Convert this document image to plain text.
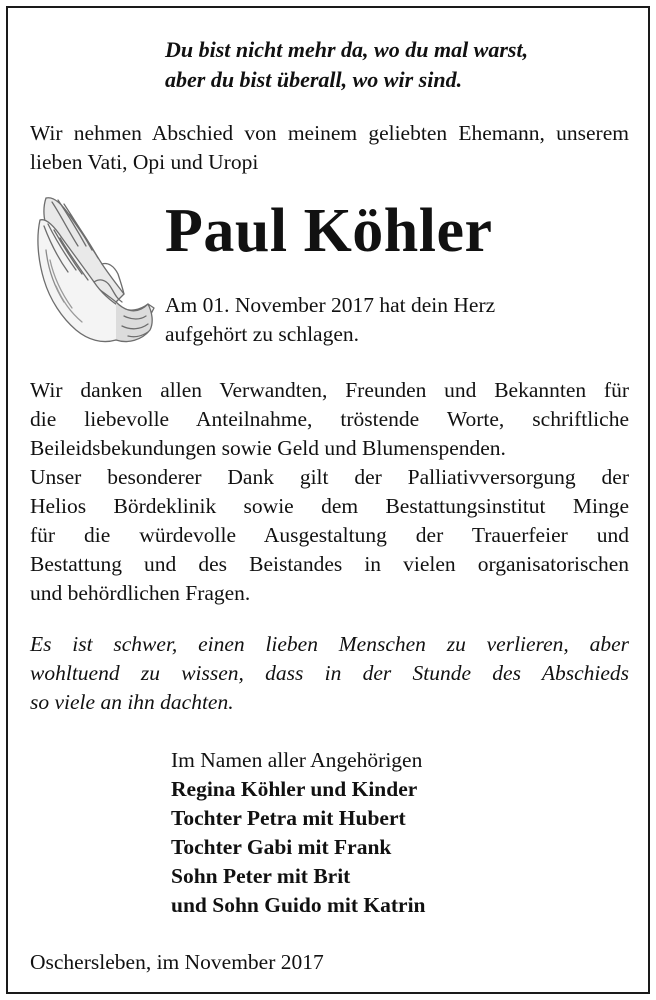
Du bist nicht mehr da, wo du mal warst,
aber du bist überall, wo wir sind.

Wir nehmen Abschied von meinem geliebten Ehemann, unserem lieben Vati, Opi und Uropi

Paul Köhler
Am 01. November 2017 hat dein Herz
aufgehört zu schlagen.
Wir danken allen Verwandten, Freunden und Bekannten für
die liebevolle Anteilnahme, tröstende Worte, schriftliche
Beileidsbekundungen sowie Geld und Blumenspenden.
Unser besonderer Dank gilt der Palliativversorgung der
Helios Bördeklinik sowie dem Bestattungsinstitut Minge
für die würdevolle Ausgestaltung der Trauerfeier und
Bestattung und des Beistandes in vielen organisatorischen
und behördlichen Fragen.
Es ist schwer, einen lieben Menschen zu verlieren, aber
wohltuend zu wissen, dass in der Stunde des Abschieds
so viele an ihn dachten.
Im Namen aller Angehörigen
Regina Köhler und Kinder
Tochter Petra mit Hubert
Tochter Gabi mit Frank
Sohn Peter mit Brit
und Sohn Guido mit Katrin
Oschersleben, im November 2017
